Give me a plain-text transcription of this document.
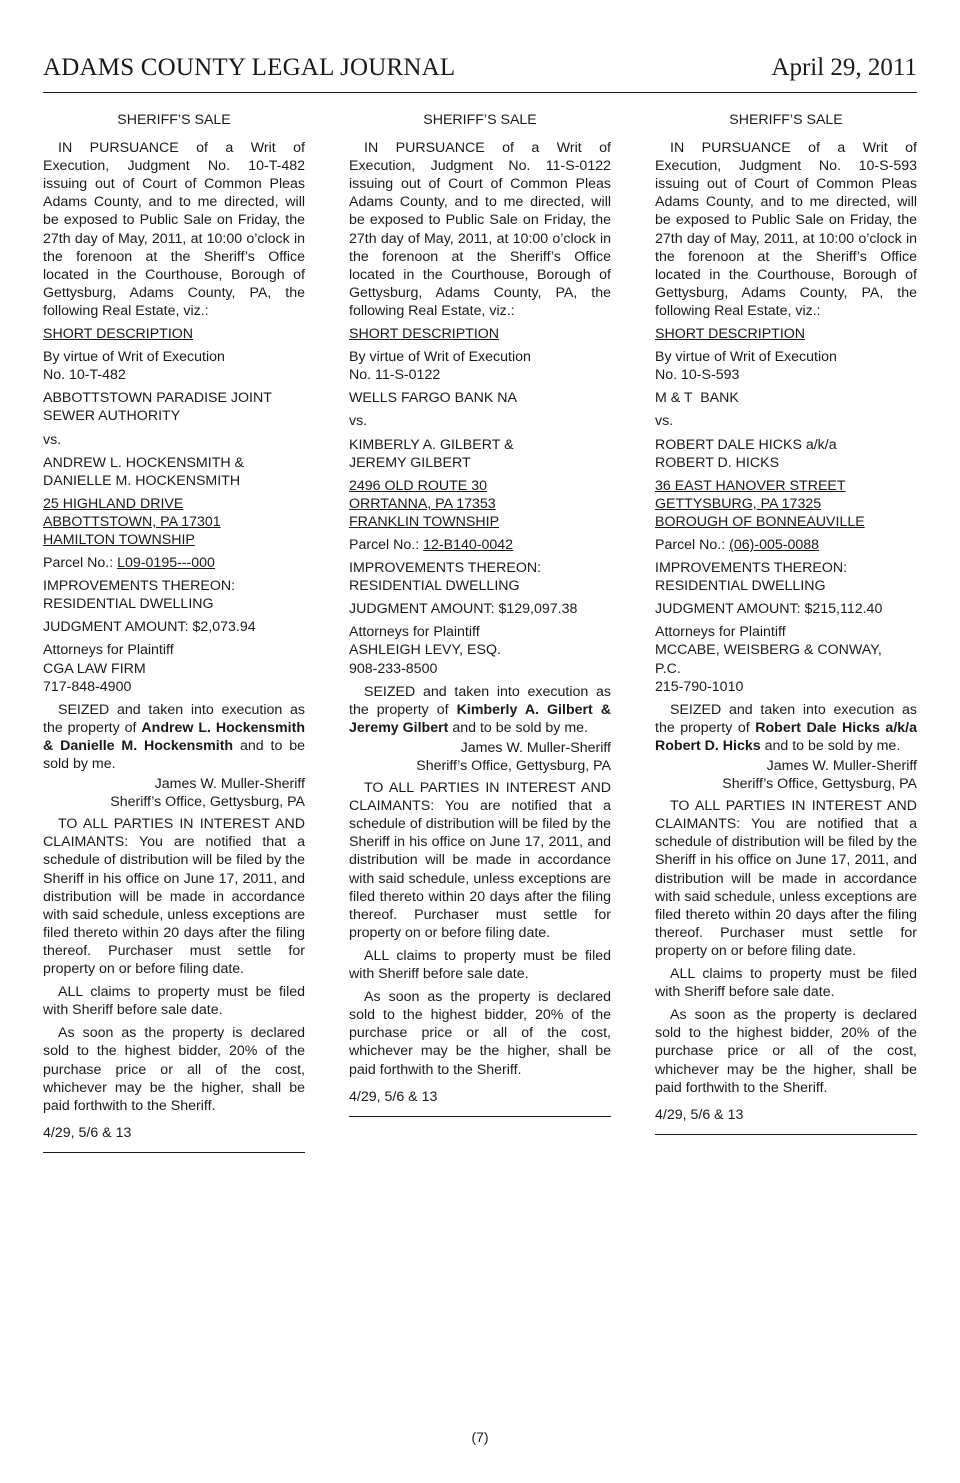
ADAMS COUNTY LEGAL JOURNAL	April 29, 2011
SHERIFF’S SALE
IN PURSUANCE of a Writ of Execution, Judgment No. 10-T-482 issuing out of Court of Common Pleas Adams County, and to me directed, will be exposed to Public Sale on Friday, the 27th day of May, 2011, at 10:00 o’clock in the forenoon at the Sheriff’s Office located in the Courthouse, Borough of Gettysburg, Adams County, PA, the following Real Estate, viz.:
SHORT DESCRIPTION
By virtue of Writ of Execution
No. 10-T-482
ABBOTTSTOWN PARADISE JOINT
SEWER AUTHORITY
vs.
ANDREW L. HOCKENSMITH &
DANIELLE M. HOCKENSMITH
25 HIGHLAND DRIVE
ABBOTTSTOWN, PA 17301
HAMILTON TOWNSHIP
Parcel No.: L09-0195---000
IMPROVEMENTS THEREON:
RESIDENTIAL DWELLING
JUDGMENT AMOUNT: $2,073.94
Attorneys for Plaintiff
CGA LAW FIRM
717-848-4900
SEIZED and taken into execution as the property of Andrew L. Hockensmith & Danielle M. Hockensmith and to be sold by me.
James W. Muller-Sheriff
Sheriff’s Office, Gettysburg, PA
TO ALL PARTIES IN INTEREST AND CLAIMANTS: You are notified that a schedule of distribution will be filed by the Sheriff in his office on June 17, 2011, and distribution will be made in accordance with said schedule, unless exceptions are filed thereto within 20 days after the filing thereof. Purchaser must settle for property on or before filing date.
ALL claims to property must be filed with Sheriff before sale date.
As soon as the property is declared sold to the highest bidder, 20% of the purchase price or all of the cost, whichever may be the higher, shall be paid forthwith to the Sheriff.
4/29, 5/6 & 13
SHERIFF’S SALE
IN PURSUANCE of a Writ of Execution, Judgment No. 11-S-0122 issuing out of Court of Common Pleas Adams County, and to me directed, will be exposed to Public Sale on Friday, the 27th day of May, 2011, at 10:00 o’clock in the forenoon at the Sheriff’s Office located in the Courthouse, Borough of Gettysburg, Adams County, PA, the following Real Estate, viz.:
SHORT DESCRIPTION
By virtue of Writ of Execution
No. 11-S-0122
WELLS FARGO BANK NA
vs.
KIMBERLY A. GILBERT &
JEREMY GILBERT
2496 OLD ROUTE 30
ORRTANNA, PA 17353
FRANKLIN TOWNSHIP
Parcel No.: 12-B140-0042
IMPROVEMENTS THEREON:
RESIDENTIAL DWELLING
JUDGMENT AMOUNT: $129,097.38
Attorneys for Plaintiff
ASHLEIGH LEVY, ESQ.
908-233-8500
SEIZED and taken into execution as the property of Kimberly A. Gilbert & Jeremy Gilbert and to be sold by me.
James W. Muller-Sheriff
Sheriff’s Office, Gettysburg, PA
TO ALL PARTIES IN INTEREST AND CLAIMANTS: You are notified that a schedule of distribution will be filed by the Sheriff in his office on June 17, 2011, and distribution will be made in accordance with said schedule, unless exceptions are filed thereto within 20 days after the filing thereof. Purchaser must settle for property on or before filing date.
ALL claims to property must be filed with Sheriff before sale date.
As soon as the property is declared sold to the highest bidder, 20% of the purchase price or all of the cost, whichever may be the higher, shall be paid forthwith to the Sheriff.
4/29, 5/6 & 13
SHERIFF’S SALE
IN PURSUANCE of a Writ of Execution, Judgment No. 10-S-593 issuing out of Court of Common Pleas Adams County, and to me directed, will be exposed to Public Sale on Friday, the 27th day of May, 2011, at 10:00 o’clock in the forenoon at the Sheriff’s Office located in the Courthouse, Borough of Gettysburg, Adams County, PA, the following Real Estate, viz.:
SHORT DESCRIPTION
By virtue of Writ of Execution
No. 10-S-593
M & T  BANK
vs.
ROBERT DALE HICKS a/k/a
ROBERT D. HICKS
36 EAST HANOVER STREET
GETTYSBURG, PA 17325
BOROUGH OF BONNEAUVILLE
Parcel No.: (06)-005-0088
IMPROVEMENTS THEREON:
RESIDENTIAL DWELLING
JUDGMENT AMOUNT: $215,112.40
Attorneys for Plaintiff
MCCABE, WEISBERG & CONWAY,
P.C.
215-790-1010
SEIZED and taken into execution as the property of Robert Dale Hicks a/k/a Robert D. Hicks and to be sold by me.
James W. Muller-Sheriff
Sheriff’s Office, Gettysburg, PA
TO ALL PARTIES IN INTEREST AND CLAIMANTS: You are notified that a schedule of distribution will be filed by the Sheriff in his office on June 17, 2011, and distribution will be made in accordance with said schedule, unless exceptions are filed thereto within 20 days after the filing thereof. Purchaser must settle for property on or before filing date.
ALL claims to property must be filed with Sheriff before sale date.
As soon as the property is declared sold to the highest bidder, 20% of the purchase price or all of the cost, whichever may be the higher, shall be paid forthwith to the Sheriff.
4/29, 5/6 & 13
(7)
